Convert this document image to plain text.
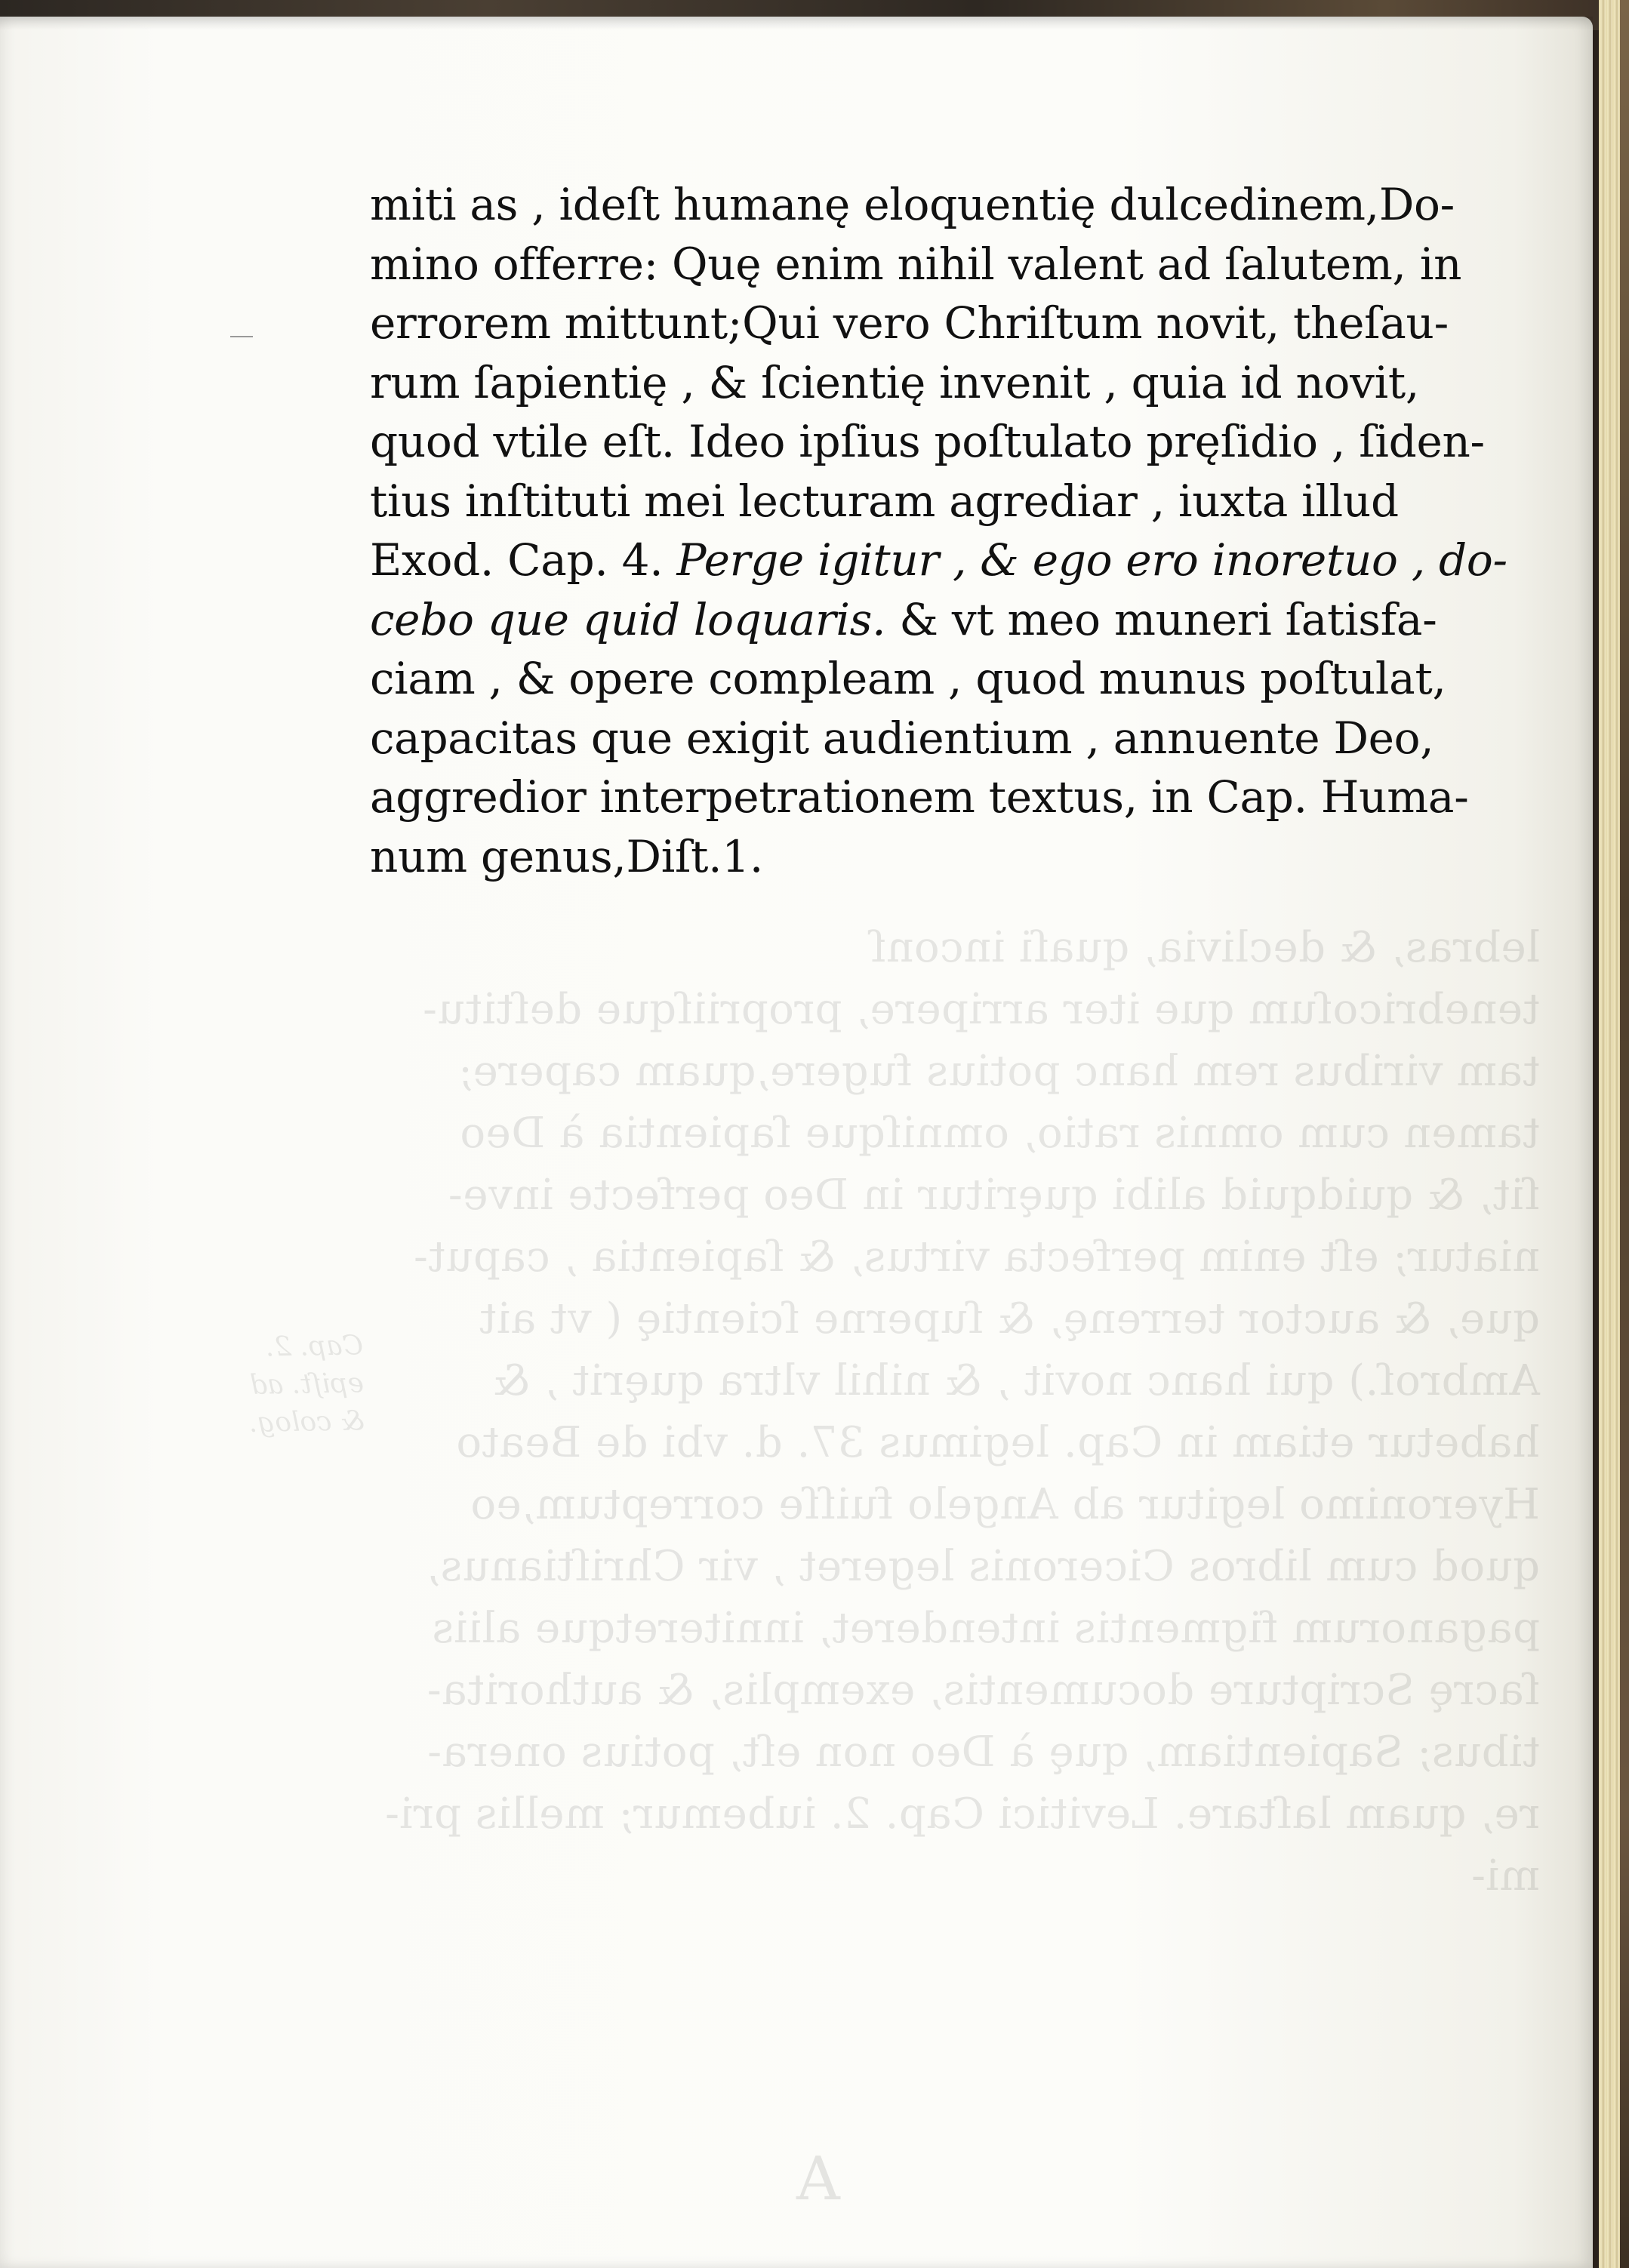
lebras, & declivia, quaſi inconſ
tenebricoſum que iter arripere, propriiſque deſtitu-
tam viribus rem hanc potius fugere,quam capere;
tamen cum omnis ratio, omniſque ſapientia à Deo
ſit, & quidquid alibi quęritur in Deo perfecte inve-
niatur; eſt enim perfecta virtus, & ſapientia , caput-
que, & auctor terrenę, & ſuperne ſcientię ( vt ait
Ambroſ.) qui hanc novit , & nihil vltra quęrit , &
habetur etiam in Cap. legimus 37. d. vbi de Beato
Hyeronimo legitur ab Angelo fuiſſe correptum,eo
quod cum libros Ciceronis legeret , vir Chriſtianus,
paganorum figmentis intenderet, inniteretque aliis
ſacrę Scripture documentis, exemplis, & authorita-
tibus; Sapientiam, quę à Deo non eſt, potius onera-
re, quam laſtare. Levitici Cap. 2. iubemur; mellis pri-
mi-
Cap. 2.
epiſt. ad
& colog.
A
miti as , ideſt humanę eloquentię dulcedinem,Do-
mino offerre: Quę enim nihil valent ad ſalutem, in
errorem mittunt;Qui vero Chriſtum novit, theſau-
rum ſapientię , & ſcientię invenit , quia id novit,
quod vtile eſt. Ideo ipſius poſtulato pręſidio , ſiden-
tius inſtituti mei lecturam agrediar , iuxta illud
Exod. Cap. 4. Perge igitur , & ego ero inoretuo , do-
cebo que quid loquaris. & vt meo muneri ſatisfa-
ciam , & opere compleam , quod munus poſtulat,
capacitas que exigit audientium , annuente Deo,
aggredior interpetrationem textus, in Cap. Huma-
num genus,Diſt.1.
